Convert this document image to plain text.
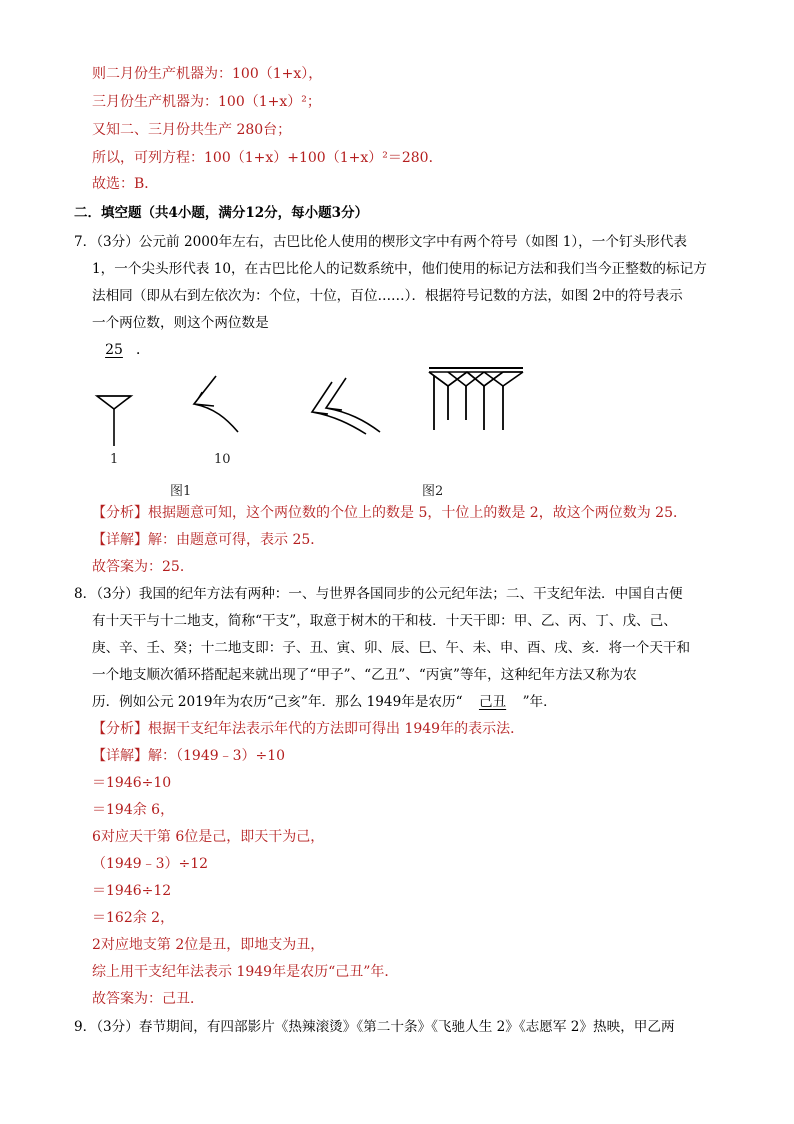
则二月份生产机器为：100（1+x），
三月份生产机器为：100（1+x）²；
又知二、三月份共生产 280台；
所以，可列方程：100（1+x）+100（1+x）²＝280．
故选：B．
二．填空题（共4小题，满分12分，每小题3分）
7．（3分）公元前 2000年左右，古巴比伦人使用的楔形文字中有两个符号（如图 1），一个钉头形代表
1，一个尖头形代表 10，在古巴比伦人的记数系统中，他们使用的标记方法和我们当今正整数的标记方
法相同（即从右到左依次为：个位，十位，百位……）．根据符号记数的方法，如图 2中的符号表示
一个两位数，则这个两位数是
25 ．
1	10
图1	图2
【分析】根据题意可知，这个两位数的个位上的数是 5，十位上的数是 2，故这个两位数为 25．
【详解】解：由题意可得，表示 25．
故答案为：25．
8．（3分）我国的纪年方法有两种：一、与世界各国同步的公元纪年法；二、干支纪年法．中国自古便
有十天干与十二地支，简称“干支”，取意于树木的干和枝．十天干即：甲、乙、丙、丁、戊、己、
庚、辛、壬、癸；十二地支即：子、丑、寅、卯、辰、巳、午、未、申、酉、戌、亥．将一个天干和
一个地支顺次循环搭配起来就出现了“甲子”、“乙丑”、“丙寅”等年，这种纪年方法又称为农
历．例如公元 2019年为农历“己亥”年．那么 1949年是农历“ 己丑 ”年．
【分析】根据干支纪年法表示年代的方法即可得出 1949年的表示法．
【详解】解：（1949﹣3）÷10
＝1946÷10
＝194余 6，
6对应天干第 6位是己，即天干为己，
（1949﹣3）÷12
＝1946÷12
＝162余 2，
2对应地支第 2位是丑，即地支为丑，
综上用干支纪年法表示 1949年是农历“己丑”年．
故答案为：己丑．
9．（3分）春节期间，有四部影片《热辣滚烫》《第二十条》《飞驰人生 2》《志愿军 2》热映，甲乙两
